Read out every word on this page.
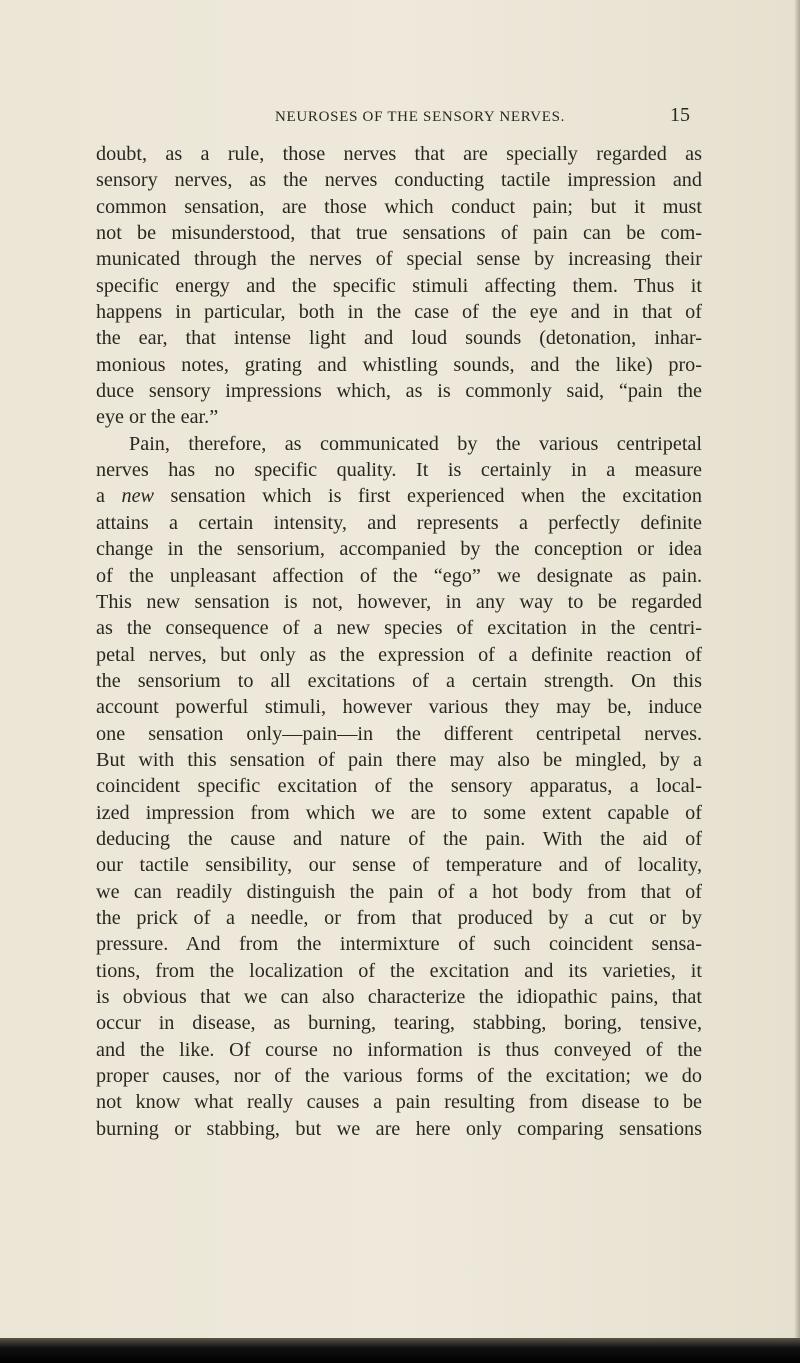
NEUROSES OF THE SENSORY NERVES.	15
doubt, as a rule, those nerves that are specially regarded as
sensory nerves, as the nerves conducting tactile impression and
common sensation, are those which conduct pain; but it must
not be misunderstood, that true sensations of pain can be com-
municated through the nerves of special sense by increasing their
specific energy and the specific stimuli affecting them. Thus it
happens in particular, both in the case of the eye and in that of
the ear, that intense light and loud sounds (detonation, inhar-
monious notes, grating and whistling sounds, and the like) pro-
duce sensory impressions which, as is commonly said, “pain the
eye or the ear.”
Pain, therefore, as communicated by the various centripetal
nerves has no specific quality. It is certainly in a measure
a new sensation which is first experienced when the excitation
attains a certain intensity, and represents a perfectly definite
change in the sensorium, accompanied by the conception or idea
of the unpleasant affection of the “ego” we designate as pain.
This new sensation is not, however, in any way to be regarded
as the consequence of a new species of excitation in the centri-
petal nerves, but only as the expression of a definite reaction of
the sensorium to all excitations of a certain strength. On this
account powerful stimuli, however various they may be, induce
one sensation only—pain—in the different centripetal nerves.
But with this sensation of pain there may also be mingled, by a
coincident specific excitation of the sensory apparatus, a local-
ized impression from which we are to some extent capable of
deducing the cause and nature of the pain. With the aid of
our tactile sensibility, our sense of temperature and of locality,
we can readily distinguish the pain of a hot body from that of
the prick of a needle, or from that produced by a cut or by
pressure. And from the intermixture of such coincident sensa-
tions, from the localization of the excitation and its varieties, it
is obvious that we can also characterize the idiopathic pains, that
occur in disease, as burning, tearing, stabbing, boring, tensive,
and the like. Of course no information is thus conveyed of the
proper causes, nor of the various forms of the excitation; we do
not know what really causes a pain resulting from disease to be
burning or stabbing, but we are here only comparing sensations
